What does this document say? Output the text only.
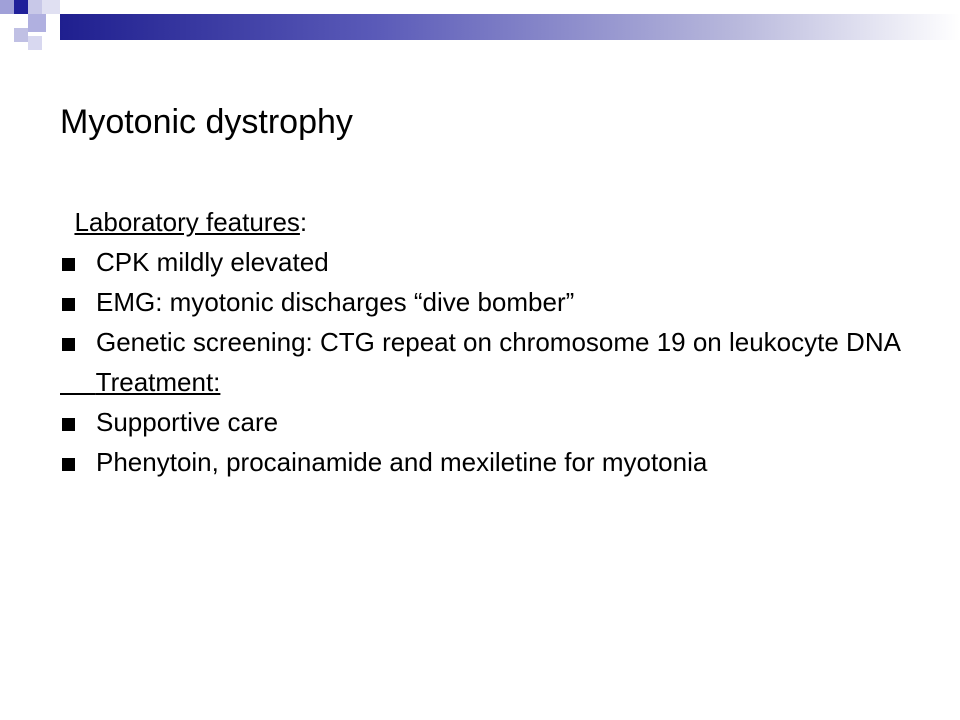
Myotonic dystrophy
Laboratory features:
CPK mildly elevated
EMG: myotonic discharges “dive bomber”
Genetic screening: CTG repeat on chromosome 19 on leukocyte DNA
Treatment:
Supportive care
Phenytoin, procainamide and mexiletine for myotonia
